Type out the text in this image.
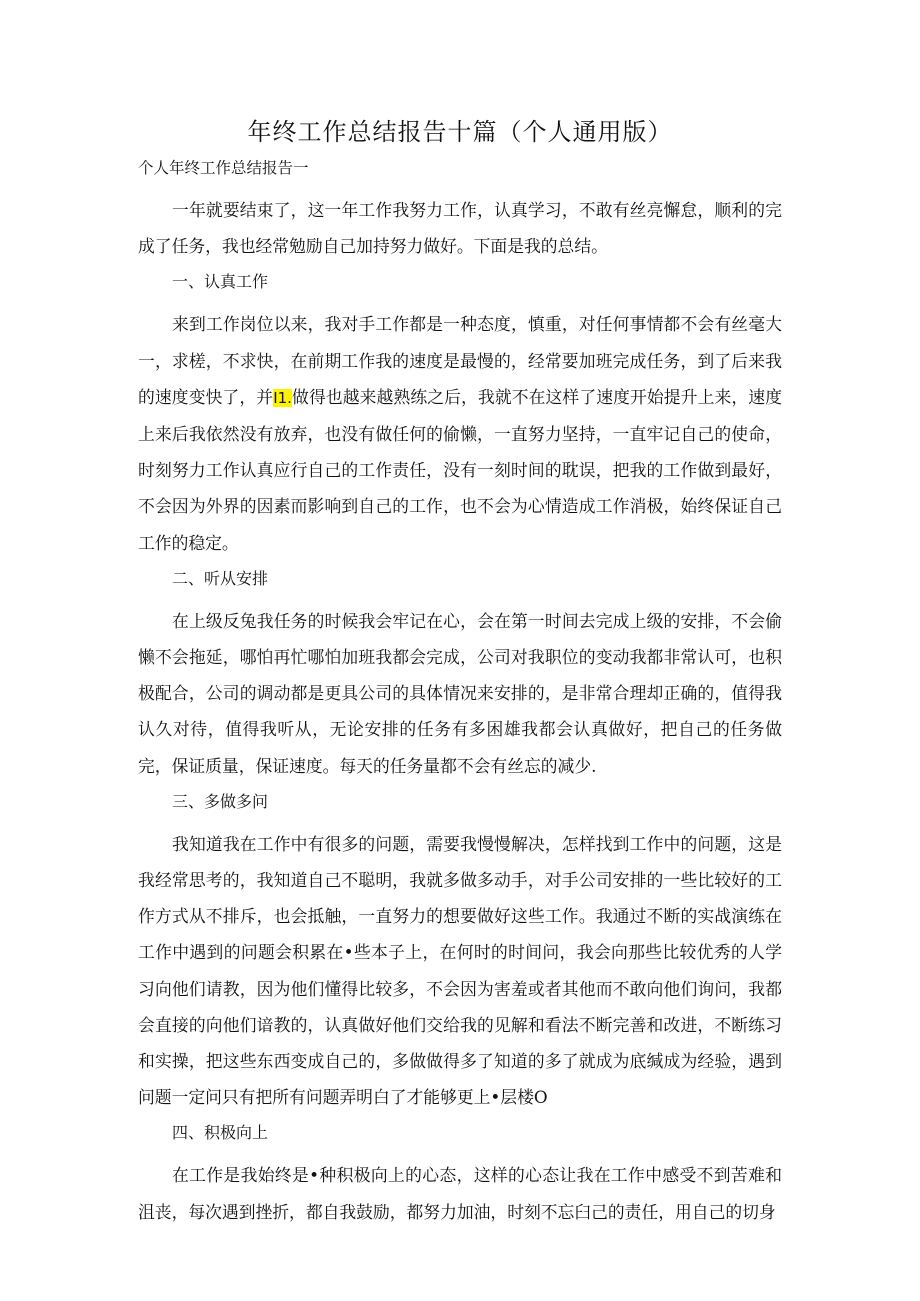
年终工作总结报告十篇（个人通用版）

个人年终工作总结报告一

一年就要结束了，这一年工作我努力工作，认真学习，不敢有丝亮懈怠，顺利的完成了任务，我也经常勉励自己加持努力做好。下面是我的总结。

一、认真工作

来到工作岗位以来，我对手工作都是一种态度，慎重，对任何事情都不会有丝毫大一，求槎，不求快，在前期工作我的速度是最慢的，经常要加班完成任务，到了后来我的速度变快了，并I1.做得也越来越熟练之后，我就不在这样了速度开始提升上来，速度上来后我依然没有放弃，也没有做任何的偷懒，一直努力坚持，一直牢记自己的使命，时刻努力工作认真应行自己的工作责任，没有一刻时间的耽误，把我的工作做到最好，不会因为外界的因素而影响到自己的工作，也不会为心情造成工作消极，始终保证自己工作的稳定。

二、听从安排

在上级反兔我任务的时候我会牢记在心，会在第一时间去完成上级的安排，不会偷懒不会拖延，哪怕再忙哪怕加班我都会完成，公司对我职位的变动我都非常认可，也积极配合，公司的调动都是更具公司的具体情况来安排的，是非常合理却正确的，值得我认久对待，值得我听从，无论安排的任务有多困雄我都会认真做好，把自己的任务做完，保证质量，保证速度。每天的任务量都不会有丝忘的减少.

三、多做多问

我知道我在工作中有很多的问题，需要我慢慢解决，怎样找到工作中的问题，这是我经常思考的，我知道自己不聪明，我就多做多动手，对手公司安排的一些比较好的工作方式从不排斥，也会抵触，一直努力的想要做好这些工作。我通过不断的实战演练在工作中遇到的问题会积累在•些本子上，在何时的时间问，我会向那些比较优秀的人学习向他们请教，因为他们懂得比较多，不会因为害羞或者其他而不敢向他们询问，我都会直接的向他们谙教的，认真做好他们交给我的见解和看法不断完善和改进，不断练习和实操，把这些东西变成自己的，多做做得多了知道的多了就成为底缄成为经验，遇到问题一定问只有把所有问题弄明白了才能够更上•层楼O

四、积极向上

在工作是我始终是•种积极向上的心态，这样的心态让我在工作中感受不到苦难和沮丧，每次遇到挫折，都自我鼓励，都努力加油，时刻不忘臼己的责任，用自己的切身
